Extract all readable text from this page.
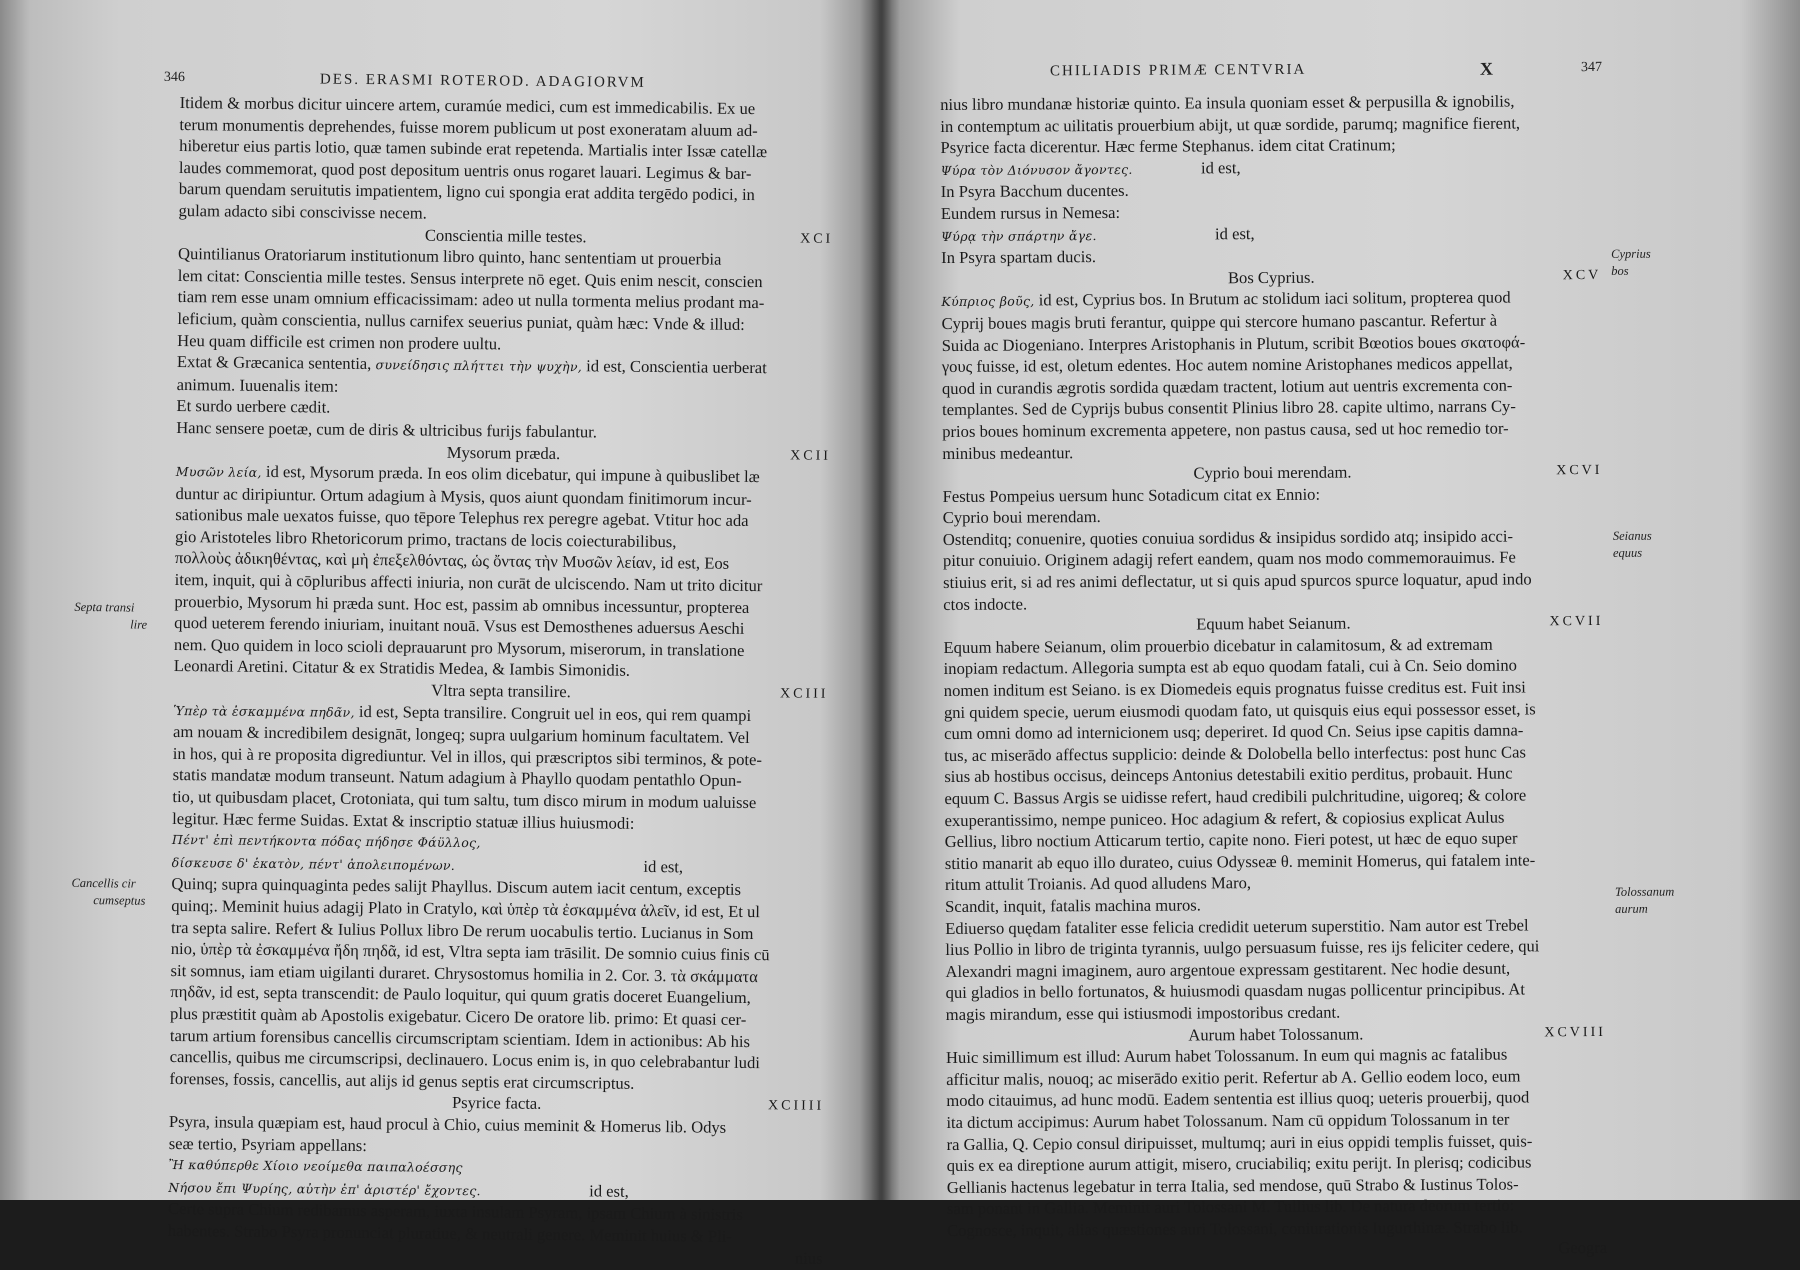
346	DES. ERASMI ROTEROD. ADAGIORVM

Itidem & morbus dicitur uincere artem, curamúe medici, cum est immedicabilis. Ex ue

terum monumentis deprehendes, fuisse morem publicum ut post exoneratam aluum ad-

hiberetur eius partis lotio, quæ tamen subinde erat repetenda. Martialis inter Issæ catellæ

laudes commemorat, quod post depositum uentris onus rogaret lauari. Legimus & bar-

barum quendam seruitutis impatientem, ligno cui spongia erat addita tergēdo podici, in

gulam adacto sibi conscivisse necem.

Conscientia mille testes.	XCI

Quintilianus Oratoriarum institutionum libro quinto, hanc sententiam ut prouerbia

lem citat: Conscientia mille testes. Sensus interprete nō eget. Quis enim nescit, conscien

tiam rem esse unam omnium efficacissimam: adeo ut nulla tormenta melius prodant ma-

leficium, quàm conscientia, nullus carnifex seuerius puniat, quàm hæc: Vnde & illud:

Heu quam difficile est crimen non prodere uultu.

Extat & Græcanica sententia, συνείδησις πλήττει τὴν ψυχὴν, id est, Conscientia uerberat

animum. Iuuenalis item:

Et surdo uerbere cædit.

Hanc sensere poetæ, cum de diris & ultricibus furijs fabulantur.

Mysorum præda.	XCII

Μυσῶν λεία, id est, Mysorum præda. In eos olim dicebatur, qui impune à quibuslibet læ

duntur ac diripiuntur. Ortum adagium à Mysis, quos aiunt quondam finitimorum incur-

sationibus male uexatos fuisse, quo tēpore Telephus rex peregre agebat. Vtitur hoc ada

gio Aristoteles libro Rhetoricorum primo, tractans de locis coiecturabilibus,

πολλοὺς ἀδικηθέντας, καὶ μὴ ἐπεξελθόντας, ὡς ὄντας τὴν Μυσῶν λείαν, id est, Eos

item, inquit, qui à cōpluribus affecti iniuria, non curāt de ulciscendo. Nam ut trito dicitur

prouerbio, Mysorum hi præda sunt. Hoc est, passim ab omnibus incessuntur, propterea

quod ueterem ferendo iniuriam, inuitant nouā. Vsus est Demosthenes aduersus Aeschi

nem. Quo quidem in loco scioli deprauarunt pro Mysorum, miserorum, in translatione

Leonardi Aretini. Citatur & ex Stratidis Medea, & Iambis Simonidis.

Vltra septa transilire.	XCIII

Ὑπὲρ τὰ ἐσκαμμένα πηδᾶν, id est, Septa transilire. Congruit uel in eos, qui rem quampi

am nouam & incredibilem designāt, longeq; supra uulgarium hominum facultatem. Vel

in hos, qui à re proposita digrediuntur. Vel in illos, qui præscriptos sibi terminos, & pote-

statis mandatæ modum transeunt. Natum adagium à Phayllo quodam pentathlo Opun-

tio, ut quibusdam placet, Crotoniata, qui tum saltu, tum disco mirum in modum ualuisse

legitur. Hæc ferme Suidas. Extat & inscriptio statuæ illius huiusmodi:

Πέντ' ἐπὶ πεντήκοντα πόδας πήδησε Φάϋλλος,

δίσκευσε δ' ἑκατὸν, πέντ' ἀπολειπομένων.	id est,

Quinq; supra quinquaginta pedes salijt Phayllus. Discum autem iacit centum, exceptis

quinq;. Meminit huius adagij Plato in Cratylo, καὶ ὑπὲρ τὰ ἐσκαμμένα ἁλεῖν, id est, Et ul

tra septa salire. Refert & Iulius Pollux libro De rerum uocabulis tertio. Lucianus in Som

nio, ὑπὲρ τὰ ἐσκαμμένα ἤδη πηδᾶ, id est, Vltra septa iam trāsilit. De somnio cuius finis cū

sit somnus, iam etiam uigilanti duraret. Chrysostomus homilia in 2. Cor. 3. τὰ σκάμματα

πηδᾶν, id est, septa transcendit: de Paulo loquitur, qui quum gratis doceret Euangelium,

plus præstitit quàm ab Apostolis exigebatur. Cicero De oratore lib. primo: Et quasi cer-

tarum artium forensibus cancellis circumscriptam scientiam. Idem in actionibus: Ab his

cancellis, quibus me circumscripsi, declinauero. Locus enim is, in quo celebrabantur ludi

forenses, fossis, cancellis, aut alijs id genus septis erat circumscriptus.

Psyrice facta.	XCIIII

Psyra, insula quæpiam est, haud procul à Chio, cuius meminit & Homerus lib. Odys

seæ tertio, Psyriam appellans:

Ἢ καθύπερθε Χίοιο νεοίμεθα παιπαλοέσσης

Νήσου ἔπι Ψυρίης, αὐτὴν ἐπ' ἀριστέρ' ἔχοντες.	id est,

Certe supra Chium redibamus asperam, iuxta insulam Psyram, ipsam Chium à sinistris

habentes. Strabo Psyra pronunciat pluratiue, & neutrali genere. Meminit huius & Pli-

nius

Septa transi
lire
Cancellis cir
cumseptus
CHILIADIS PRIMÆ CENTVRIA	X	347

nius libro mundanæ historiæ quinto. Ea insula quoniam esset & perpusilla & ignobilis,

in contemptum ac uilitatis prouerbium abijt, ut quæ sordide, parumq; magnifice fierent,

Psyrice facta dicerentur. Hæc ferme Stephanus. idem citat Cratinum;

Ψύρα τὸν Διόνυσον ἄγοντες.	id est,

In Psyra Bacchum ducentes.

Eundem rursus in Nemesa:

Ψύρᾳ τὴν σπάρτην ἄγε.	id est,

In Psyra spartam ducis.

Bos Cyprius.	XCV

Κύπριος βοῦς, id est, Cyprius bos. In Brutum ac stolidum iaci solitum, propterea quod

Cyprij boues magis bruti ferantur, quippe qui stercore humano pascantur. Refertur à

Suida ac Diogeniano. Interpres Aristophanis in Plutum, scribit Bœotios boues σκατοφά-

γους fuisse, id est, oletum edentes. Hoc autem nomine Aristophanes medicos appellat,

quod in curandis ægrotis sordida quædam tractent, lotium aut uentris excrementa con-

templantes. Sed de Cyprijs bubus consentit Plinius libro 28. capite ultimo, narrans Cy-

prios boues hominum excrementa appetere, non pastus causa, sed ut hoc remedio tor-

minibus medeantur.

Cyprio boui merendam.	XCVI

Festus Pompeius uersum hunc Sotadicum citat ex Ennio:

Cyprio boui merendam.

Ostenditq; conuenire, quoties conuiua sordidus & insipidus sordido atq; insipido acci-

pitur conuiuio. Originem adagij refert eandem, quam nos modo commemorauimus. Fe

stiuius erit, si ad res animi deflectatur, ut si quis apud spurcos spurce loquatur, apud indo

ctos indocte.

Equum habet Seianum.	XCVII

Equum habere Seianum, olim prouerbio dicebatur in calamitosum, & ad extremam

inopiam redactum. Allegoria sumpta est ab equo quodam fatali, cui à Cn. Seio domino

nomen inditum est Seiano. is ex Diomedeis equis prognatus fuisse creditus est. Fuit insi

gni quidem specie, uerum eiusmodi quodam fato, ut quisquis eius equi possessor esset, is

cum omni domo ad internicionem usq; deperiret. Id quod Cn. Seius ipse capitis damna-

tus, ac miserādo affectus supplicio: deinde & Dolobella bello interfectus: post hunc Cas

sius ab hostibus occisus, deinceps Antonius detestabili exitio perditus, probauit. Hunc

equum C. Bassus Argis se uidisse refert, haud credibili pulchritudine, uigoreq; & colore

exuperantissimo, nempe puniceo. Hoc adagium & refert, & copiosius explicat Aulus

Gellius, libro noctium Atticarum tertio, capite nono. Fieri potest, ut hæc de equo super

stitio manarit ab equo illo durateo, cuius Odysseæ θ. meminit Homerus, qui fatalem inte-

ritum attulit Troianis. Ad quod alludens Maro,

Scandit, inquit, fatalis machina muros.

Ediuerso quędam fataliter esse felicia credidit ueterum superstitio. Nam autor est Trebel

lius Pollio in libro de triginta tyrannis, uulgo persuasum fuisse, res ijs feliciter cedere, qui

Alexandri magni imaginem, auro argentoue expressam gestitarent. Nec hodie desunt,

qui gladios in bello fortunatos, & huiusmodi quasdam nugas pollicentur principibus. At

magis mirandum, esse qui istiusmodi impostoribus credant.

Aurum habet Tolossanum.	XCVIII

Huic simillimum est illud: Aurum habet Tolossanum. In eum qui magnis ac fatalibus

afficitur malis, nouoq; ac miserādo exitio perit. Refertur ab A. Gellio eodem loco, eum

modo citauimus, ad hunc modū. Eadem sententia est illius quoq; ueteris prouerbij, quod

ita dictum accipimus: Aurum habet Tolossanum. Nam cū oppidum Tolossanum in ter

ra Gallia, Q. Cepio consul diripuisset, multumq; auri in eius oppidi templis fuisset, quis-

quis ex ea direptione aurum attigit, misero, cruciabiliq; exitu perijt. In plerisq; codicibus

Gellianis hactenus legebatur in terra Italia, sed mendose, quū Strabo & Iustinus Tolos-

sam ponant in Gallia. Meminit auri Tolossani M. Tullius lib. De natura deorum tertio:

Cognosce, inquit, alias quæstiones auri Tolossani, coniurationis Iugurthinæ. Strabo lib.

Geogra

Cyprius bos
Seianus equus
Tolossanum
aurum
